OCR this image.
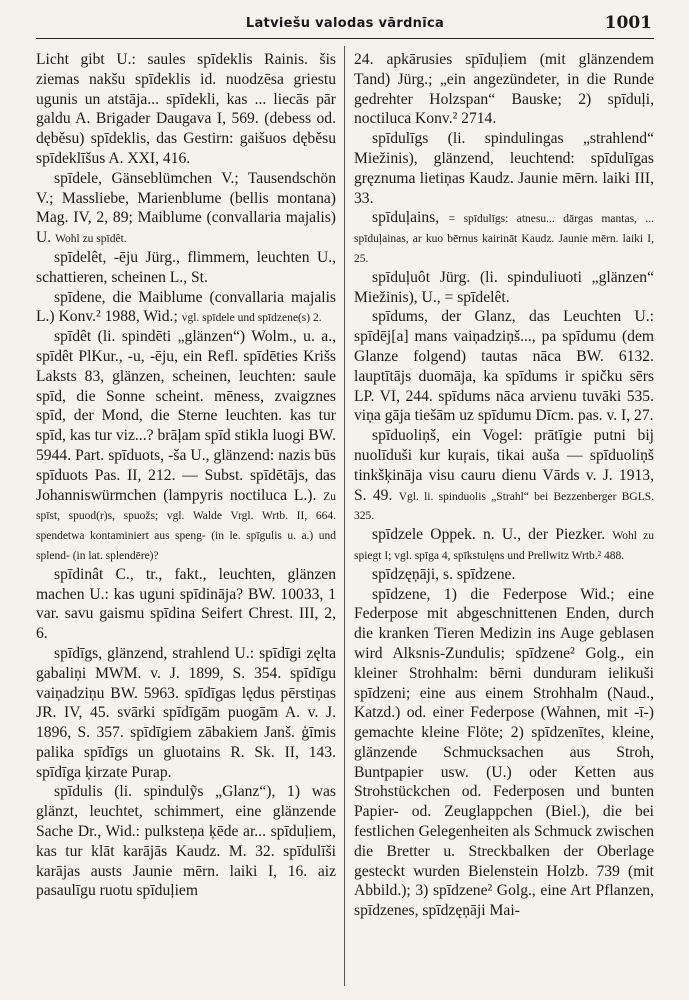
Latviešu valodas vārdnīca	1001

Licht gibt U.: saules spīdeklis Rainis. šis ziemas nakšu spīdeklis id. nuodzēsa griestu ugunis un atstāja... spīdekli, kas ... liecās pār galdu A. Brigader Daugava I, 569. (debess od. dęběsu) spīdeklis, das Gestirn: gaišuos dęběsu spīdeklīšus A. XXI, 416.

spīdele, Gänseblümchen V.; Tausendschön V.; Massliebe, Marienblume (bellis montana) Mag. IV, 2, 89; Maiblume (convallaria majalis) U. Wohl zu spīdêt.

spīdelêt, -ēju Jürg., flimmern, leuchten U., schattieren, scheinen L., St.

spīdene, die Maiblume (convallaria majalis L.) Konv.² 1988, Wid.; vgl. spīdele und spīdzene(s) 2.

spīdêt (li. spindēti „glänzen“) Wolm., u. a., spīdêt PlKur., -u, -ēju, ein Refl. spīdēties Krišs Laksts 83, glänzen, scheinen, leuchten: saule spīd, die Sonne scheint. mēness, zvaigznes spīd, der Mond, die Sterne leuchten. kas tur spīd, kas tur viz...? brāļam spīd stikla luogi BW. 5944. Part. spīduots, -ša U., glänzend: nazis būs spīduots Pas. II, 212. — Subst. spīdētājs, das Johanniswürmchen (lampyris noctiluca L.). Zu spīst, spuod(r)s, spuožs; vgl. Walde Vrgl. Wrtb. II, 664. spendetwa kontaminiert aus speng- (in le. spīgulis u. a.) und splend- (in lat. splendēre)?

spīdinât C., tr., fakt., leuchten, glänzen machen U.: kas uguni spīdināja? BW. 10033, 1 var. savu gaismu spīdina Seifert Chrest. III, 2, 6.

spīdīgs, glänzend, strahlend U.: spīdīgi zęlta gabaliņi MWM. v. J. 1899, S. 354. spīdīgu vaiņadziņu BW. 5963. spīdīgas lędus pērstiņas JR. IV, 45. svārki spīdīgām puogām A. v. J. 1896, S. 357. spīdīgiem zābakiem Janš. ģīmis palika spīdīgs un gluotains R. Sk. II, 143. spīdīga ķirzate Purap.

spīdulis (li. spindulỹs „Glanz“), 1) was glänzt, leuchtet, schimmert, eine glänzende Sache Dr., Wid.: pulksteņa ķēde ar... spīduļiem, kas tur klāt karājās Kaudz. M. 32. spīdulīši karājas austs Jaunie mērn. laiki I, 16. aiz pasaulīgu ruotu spīduļiem

24. apkārusies spīduļiem (mit glänzendem Tand) Jürg.; „ein angezündeter, in die Runde gedrehter Holzspan“ Bauske; 2) spīduļi, noctiluca Konv.² 2714.

spīdulīgs (li. spindulingas „strahlend“ Miežinis), glänzend, leuchtend: spīdulīgas gręznuma lietiņas Kaudz. Jaunie mērn. laiki III, 33.

spīduļains, = spīdulīgs: atnesu... dārgas mantas, ... spīduļainas, ar kuo bērnus kairināt Kaudz. Jaunie mērn. laiki I, 25.

spīduļuôt Jürg. (li. spinduliuoti „glänzen“ Miežinis), U., = spīdelêt.

spīdums, der Glanz, das Leuchten U.: spīdēj[a] mans vaiņadziņš..., pa spīdumu (dem Glanze folgend) tautas nāca BW. 6132. lauptītājs duomāja, ka spīdums ir spičku sērs LP. VI, 244. spīdums nāca arvienu tuvāki 535. viņa gāja tiešām uz spīdumu Dīcm. pas. v. I, 27.

spīduoliņš, ein Vogel: prātīgie putni bij nuolīduši kur kuŗais, tikai auša — spīduoliņš tinkšķināja visu cauru dienu Vārds v. J. 1913, S. 49. Vgl. li. spinduolis „Strahl“ bei Bezzenberger BGLS. 325.

spīdzele Oppek. n. U., der Piezker. Wohl zu spiegt I; vgl. spīga 4, spīkstulęns und Prellwitz Wrtb.² 488.

spīdzęņāji, s. spīdzene.

spīdzene, 1) die Federpose Wid.; eine Federpose mit abgeschnittenen Enden, durch die kranken Tieren Medizin ins Auge geblasen wird Alksnis-Zundulis; spīdzene² Golg., ein kleiner Strohhalm: bērni dunduram ielikuši spīdzeni; eine aus einem Strohhalm (Naud., Katzd.) od. einer Federpose (Wahnen, mit -ī-) gemachte kleine Flöte; 2) spīdzenītes, kleine, glänzende Schmucksachen aus Stroh, Buntpapier usw. (U.) oder Ketten aus Strohstückchen od. Federposen und bunten Papier- od. Zeuglappchen (Biel.), die bei festlichen Gelegenheiten als Schmuck zwischen die Bretter u. Streckbalken der Oberlage gesteckt wurden Bielenstein Holzb. 739 (mit Abbild.); 3) spīdzene² Golg., eine Art Pflanzen, spīdzenes, spīdzęņāji Mai-
